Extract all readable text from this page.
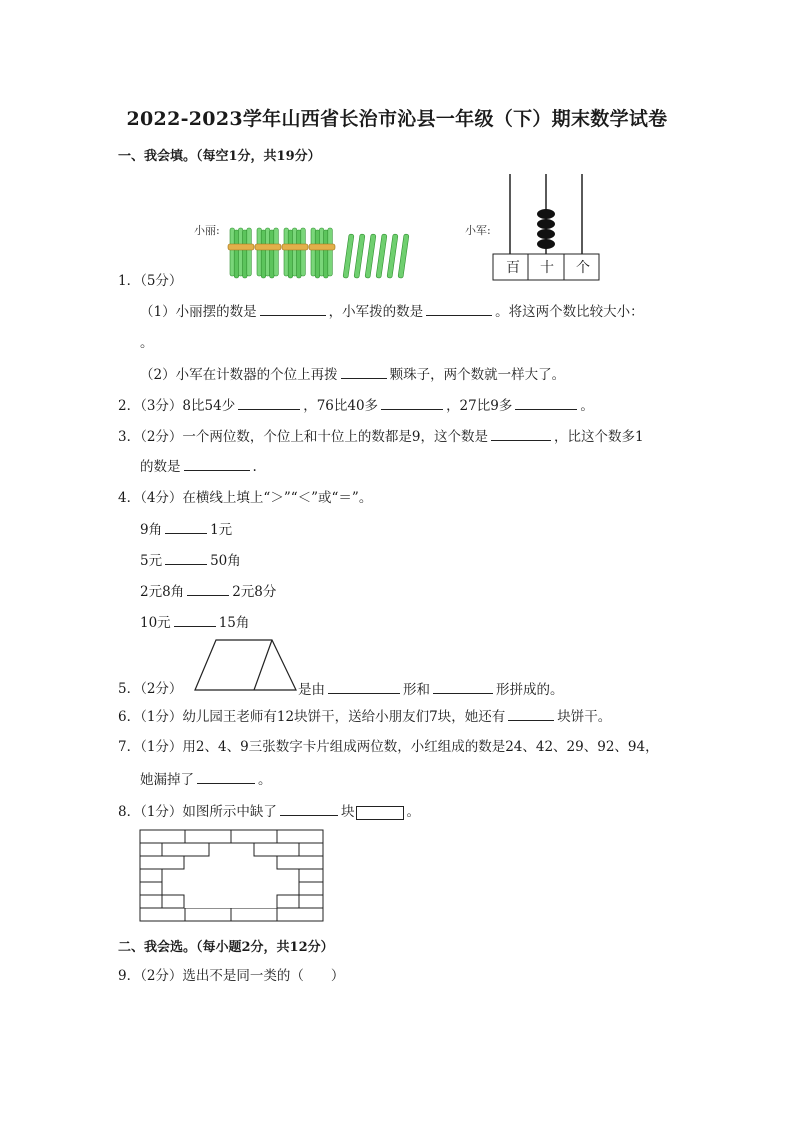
2022-2023学年山西省长治市沁县一年级（下）期末数学试卷
一、我会填。（每空1分，共19分）
小丽:	小军:
百 十 个
1．（5分）
（1）小丽摆的数是	，小军拨的数是	。将这两个数比较大小：
。
（2）小军在计数器的个位上再拨	颗珠子，两个数就一样大了。
2．（3分）8比54少	，76比40多	，27比9多	。
3．（2分）一个两位数，个位上和十位上的数都是9，这个数是	，比这个数多1
的数是	.
4．（4分）在横线上填上“＞”“＜”或“＝”。
9角	1元
5元	50角
2元8角	2元8分
10元	15角
5．（2分）	是由	形和	形拼成的。
6．（1分）幼儿园王老师有12块饼干，送给小朋友们7块，她还有	块饼干。
7．（1分）用2、4、9三张数字卡片组成两位数，小红组成的数是24、42、29、92、94，
她漏掉了	。
8．（1分）如图所示中缺了	块	。
二、我会选。（每小题2分，共12分）
9．（2分）选出不是同一类的（　　）
